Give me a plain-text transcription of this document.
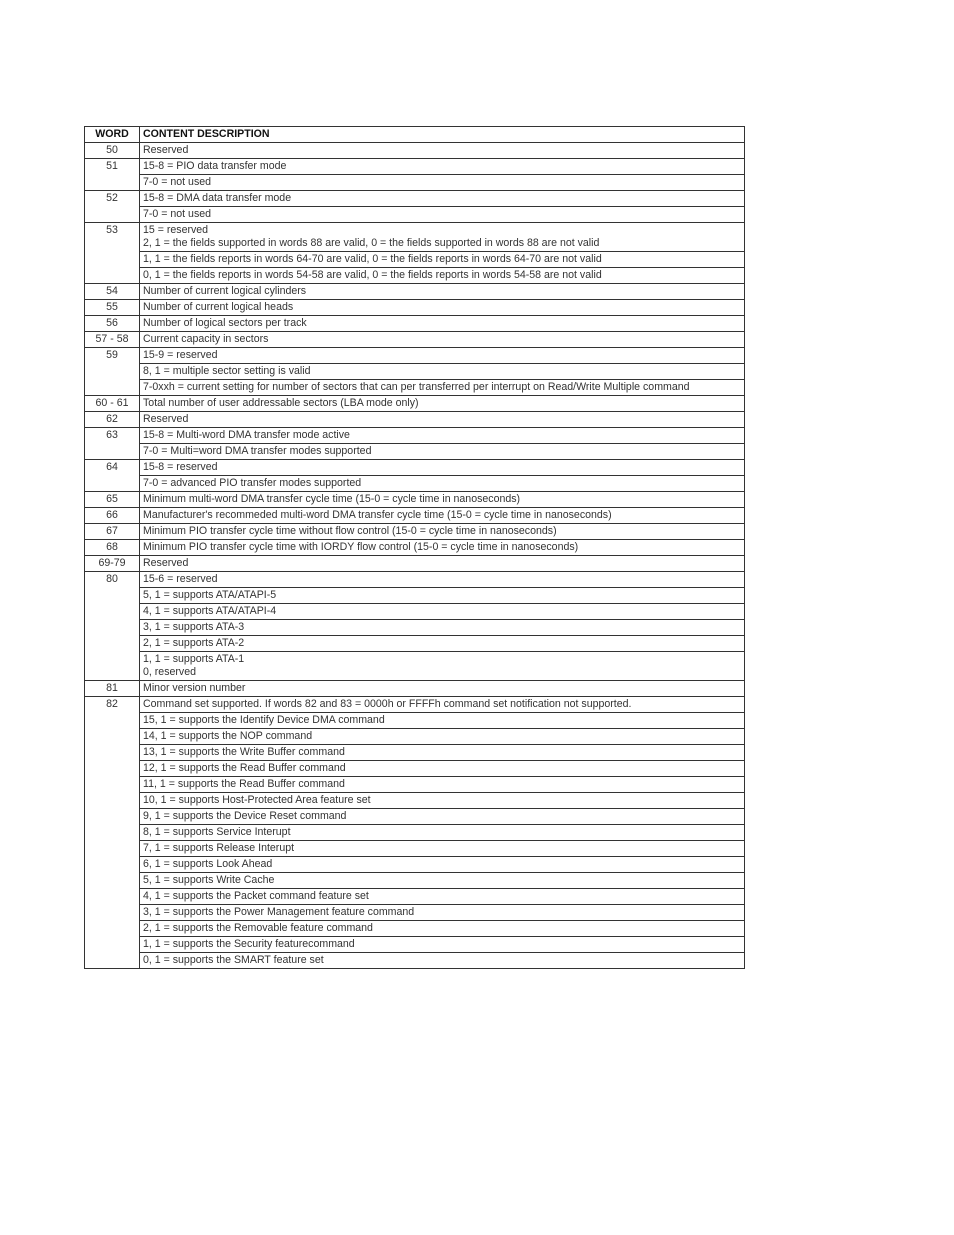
WORD	CONTENT DESCRIPTION
50	Reserved
51	15-8 = PIO data transfer mode
	7-0 = not used
52	15-8 = DMA data transfer mode
	7-0 = not used
53	15 = reserved
2, 1 = the fields supported in words 88 are valid, 0 = the fields supported in words 88 are not valid
	1, 1 = the fields reports in words 64-70 are valid, 0 = the fields reports in words 64-70 are not valid
	0, 1 = the fields reports in words 54-58 are valid, 0 = the fields reports in words 54-58 are not valid
54	Number of current logical cylinders
55	Number of current logical heads
56	Number of logical sectors per track
57 - 58	Current capacity in sectors
59	15-9 = reserved
	8, 1 = multiple sector setting is valid
	7-0xxh = current setting for number of sectors that can per transferred per interrupt on Read/Write Multiple command
60 - 61	Total number of user addressable sectors (LBA mode only)
62	Reserved
63	15-8 = Multi-word DMA transfer mode active
	7-0 = Multi=word DMA transfer modes supported
64	15-8 = reserved
	7-0 = advanced PIO transfer modes supported
65	Minimum multi-word DMA transfer cycle time (15-0 = cycle time in nanoseconds)
66	Manufacturer's recommeded multi-word DMA transfer cycle time (15-0 = cycle time in nanoseconds)
67	Minimum PIO transfer cycle time without flow control (15-0 = cycle time in nanoseconds)
68	Minimum PIO transfer cycle time with IORDY flow control (15-0 = cycle time in nanoseconds)
69-79	Reserved
80	15-6 = reserved
	5, 1 = supports ATA/ATAPI-5
	4, 1 = supports ATA/ATAPI-4
	3, 1 = supports ATA-3
	2, 1 = supports ATA-2
	1, 1 = supports ATA-1
0, reserved
81	Minor version number
82	Command set supported. If words 82 and 83 = 0000h or FFFFh command set notification not supported.
	15, 1 = supports the Identify Device DMA command
	14, 1 = supports the NOP command
	13, 1 = supports the Write Buffer command
	12, 1 = supports the Read Buffer command
	11, 1 = supports the Read Buffer command
	10, 1 = supports Host-Protected Area feature set
	9, 1 = supports the Device Reset command
	8, 1 = supports Service Interupt
	7, 1 = supports Release Interupt
	6, 1 = supports Look Ahead
	5, 1 = supports Write Cache
	4, 1 = supports the Packet command feature set
	3, 1 = supports the Power Management feature command
	2, 1 = supports the Removable feature command
	1, 1 = supports the Security featurecommand
	0, 1 = supports the SMART feature set
